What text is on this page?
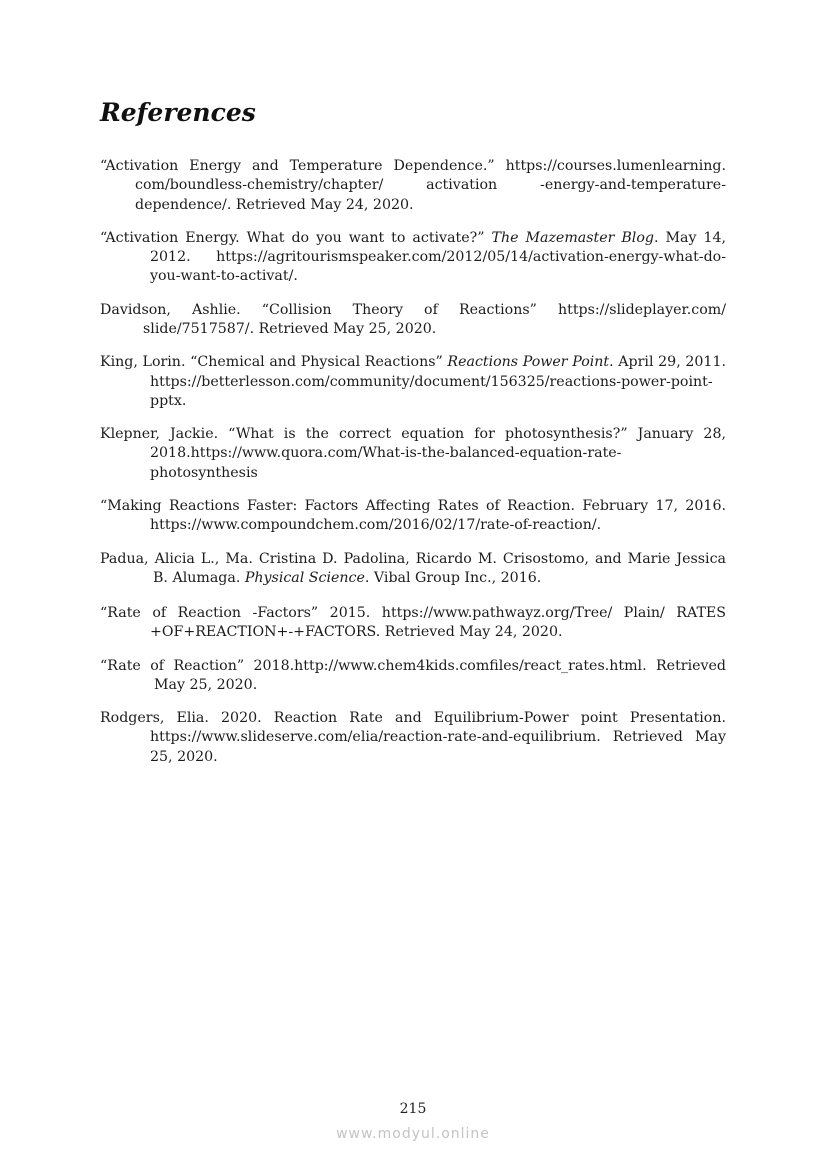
References

“Activation Energy and Temperature Dependence.” https://courses.lumenlearning. com/boundless-chemistry/chapter/ activation -energy-and-temperature-dependence/. Retrieved May 24, 2020.

“Activation Energy. What do you want to activate?” The Mazemaster Blog. May 14, 2012. https://agritourismspeaker.com/2012/05/14/activation-energy-what-do-you-want-to-activat/.

Davidson, Ashlie. “Collision Theory of Reactions” https://slideplayer.com/ slide/7517587/. Retrieved May 25, 2020.

King, Lorin. “Chemical and Physical Reactions” Reactions Power Point. April 29, 2011. https://betterlesson.com/community/document/156325/reactions-power-point-pptx.

Klepner, Jackie. “What is the correct equation for photosynthesis?” January 28, 2018.https://www.quora.com/What-is-the-balanced-equation-rate-photosynthesis

“Making Reactions Faster: Factors Affecting Rates of Reaction. February 17, 2016. https://www.compoundchem.com/2016/02/17/rate-of-reaction/.

Padua, Alicia L., Ma. Cristina D. Padolina, Ricardo M. Crisostomo, and Marie Jessica B. Alumaga. Physical Science. Vibal Group Inc., 2016.

“Rate of Reaction -Factors” 2015. https://www.pathwayz.org/Tree/ Plain/ RATES +OF+REACTION+-+FACTORS. Retrieved May 24, 2020.

“Rate of Reaction” 2018.http://www.chem4kids.comfiles/react_rates.html. Retrieved May 25, 2020.

Rodgers, Elia. 2020. Reaction Rate and Equilibrium-Power point Presentation. https://www.slideserve.com/elia/reaction-rate-and-equilibrium. Retrieved May 25, 2020.

215
www.modyul.online
